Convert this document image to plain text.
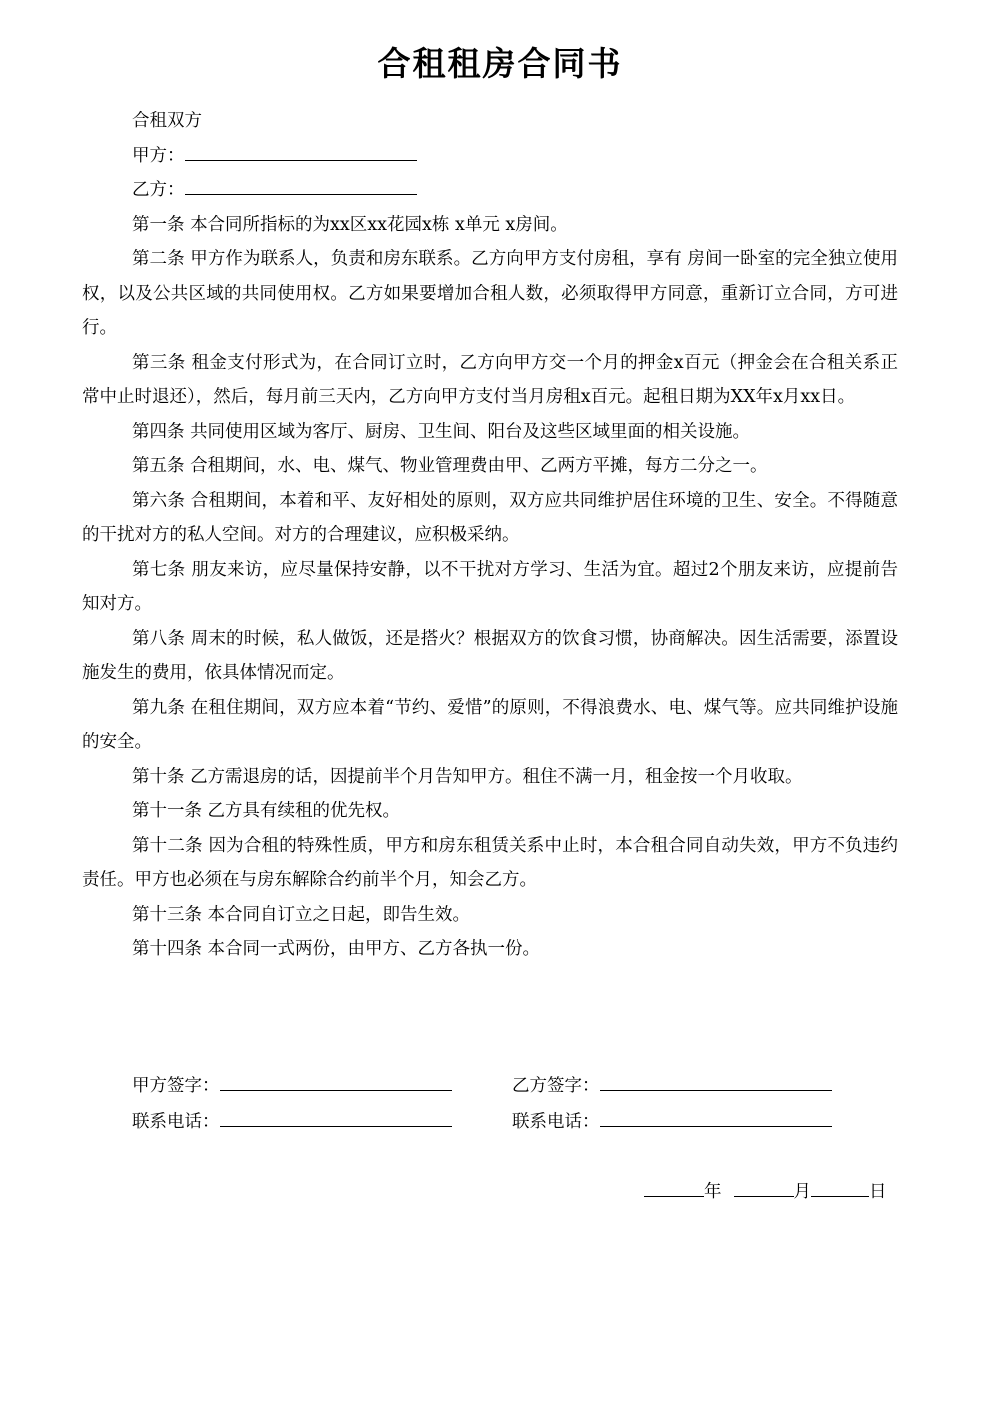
合租租房合同书

合租双方

甲方：

乙方：

第一条 本合同所指标的为xx区xx花园x栋 x单元 x房间。

第二条 甲方作为联系人，负责和房东联系。乙方向甲方支付房租，享有 房间一卧室的完全独立使用权，以及公共区域的共同使用权。乙方如果要增加合租人数，必须取得甲方同意，重新订立合同，方可进行。

第三条 租金支付形式为，在合同订立时，乙方向甲方交一个月的押金x百元（押金会在合租关系正常中止时退还），然后，每月前三天内，乙方向甲方支付当月房租x百元。起租日期为XX年x月xx日。

第四条 共同使用区域为客厅、厨房、卫生间、阳台及这些区域里面的相关设施。

第五条 合租期间，水、电、煤气、物业管理费由甲、乙两方平摊，每方二分之一。

第六条 合租期间，本着和平、友好相处的原则，双方应共同维护居住环境的卫生、安全。不得随意的干扰对方的私人空间。对方的合理建议，应积极采纳。

第七条 朋友来访，应尽量保持安静，以不干扰对方学习、生活为宜。超过2个朋友来访，应提前告知对方。

第八条 周末的时候，私人做饭，还是搭火？根据双方的饮食习惯，协商解决。因生活需要，添置设施发生的费用，依具体情况而定。

第九条 在租住期间，双方应本着“节约、爱惜”的原则，不得浪费水、电、煤气等。应共同维护设施的安全。

第十条 乙方需退房的话，因提前半个月告知甲方。租住不满一月，租金按一个月收取。

第十一条 乙方具有续租的优先权。

第十二条 因为合租的特殊性质，甲方和房东租赁关系中止时，本合租合同自动失效，甲方不负违约责任。甲方也必须在与房东解除合约前半个月，知会乙方。

第十三条 本合同自订立之日起，即告生效。

第十四条 本合同一式两份，由甲方、乙方各执一份。

甲方签字：	乙方签字：
联系电话：	联系电话：
年	月	日
